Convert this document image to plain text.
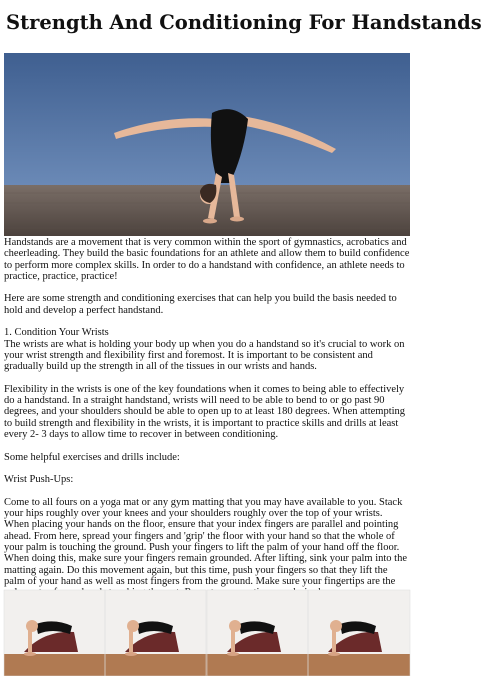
Strength And Conditioning For Handstands

Handstands are a movement that is very common within the sport of gymnastics, acrobatics and cheerleading. They build the basic foundations for an athlete and allow them to build confidence to perform more complex skills. In order to do a handstand with confidence, an athlete needs to practice, practice, practice!

Here are some strength and conditioning exercises that can help you build the basis needed to hold and develop a perfect handstand.

1. Condition Your Wrists

The wrists are what is holding your body up when you do a handstand so it's crucial to work on your wrist strength and flexibility first and foremost. It is important to be consistent and gradually build up the strength in all of the tissues in our wrists and hands.

Flexibility in the wrists is one of the key foundations when it comes to being able to effectively do a handstand. In a straight handstand, wrists will need to be able to bend to or go past 90 degrees, and your shoulders should be able to open up to at least 180 degrees. When attempting to build strength and flexibility in the wrists, it is important to practice skills and drills at least every 2- 3 days to allow time to recover in between conditioning.

Some helpful exercises and drills include:

Wrist Push-Ups:

Come to all fours on a yoga mat or any gym matting that you may have available to you. Stack your hips roughly over your knees and your shoulders roughly over the top of your wrists. When placing your hands on the floor, ensure that your index fingers are parallel and pointing ahead. From here, spread your fingers and 'grip' the floor with your hand so that the whole of your palm is touching the ground. Push your fingers to lift the palm of your hand off the floor. When doing this, make sure your fingers remain grounded. After lifting, sink your palm into the matting again. Do this movement again, but this time, push your fingers so that they lift the palm of your hand as well as most fingers from the ground. Make sure your fingertips are the
